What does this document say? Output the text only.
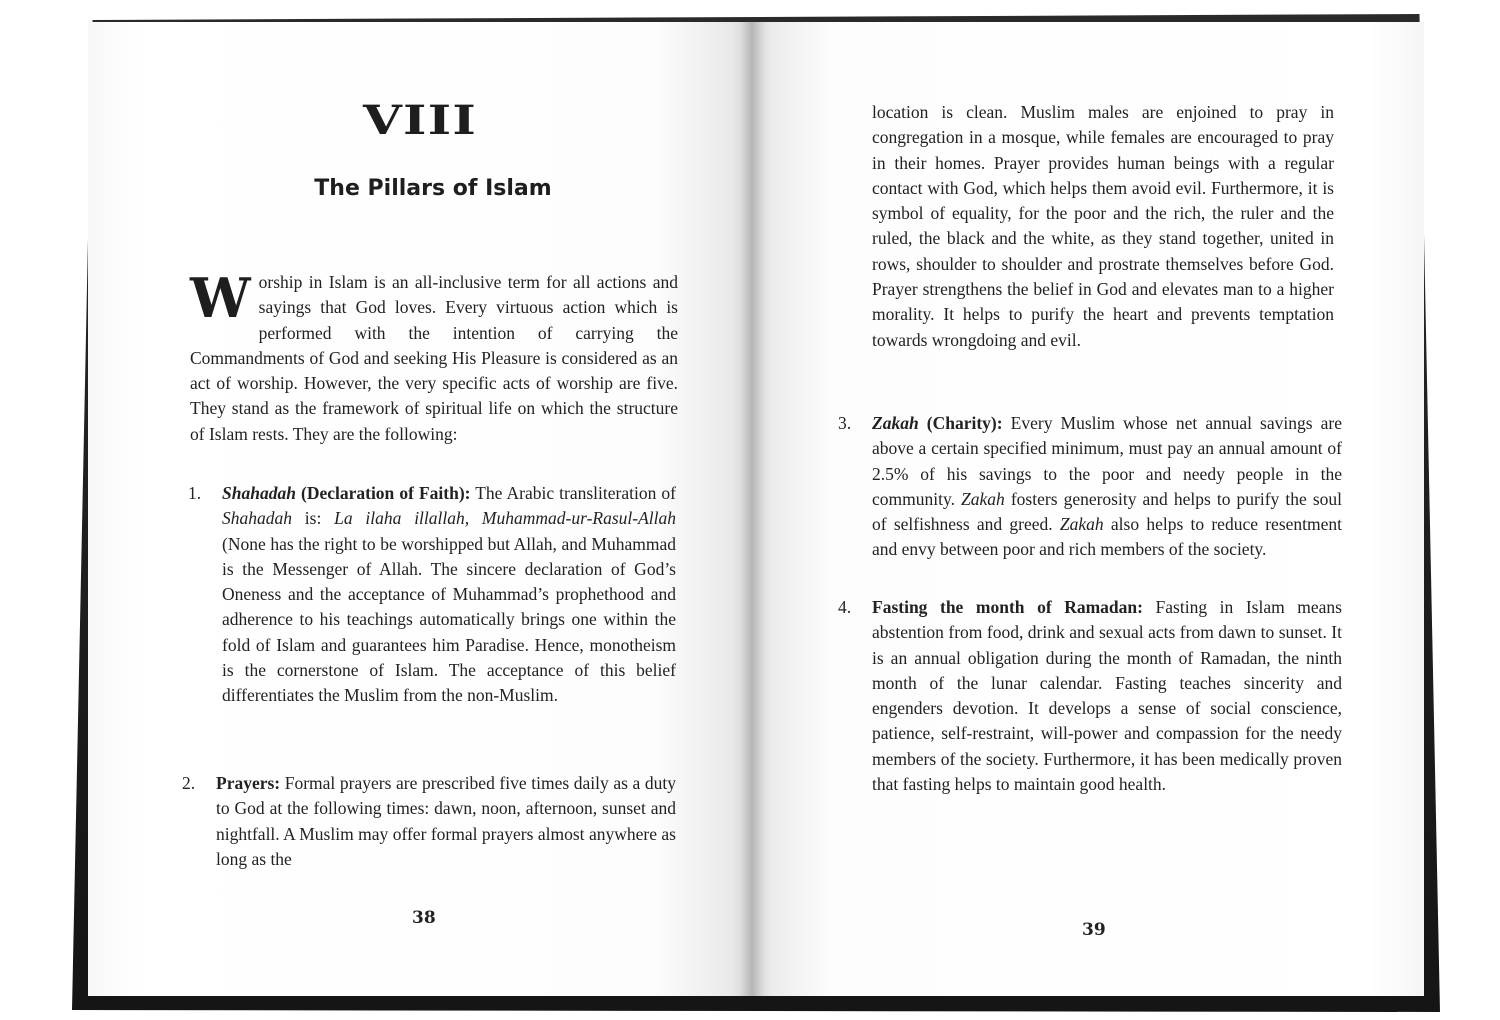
VIII
The Pillars of Islam
Worship in Islam is an all-inclusive term for all actions and sayings that God loves. Every virtuous action which is performed with the intention of carrying the Commandments of God and seeking His Pleasure is considered as an act of worship. However, the very specific acts of worship are five. They stand as the framework of spiritual life on which the structure of Islam rests. They are the following:
1.	Shahadah (Declaration of Faith): The Arabic transliteration of Shahadah is: La ilaha illallah, Muhammad-ur-Rasul-Allah (None has the right to be worshipped but Allah, and Muhammad is the Messenger of Allah. The sincere declaration of God’s Oneness and the acceptance of Muhammad’s prophethood and adherence to his teachings automatically brings one within the fold of Islam and guarantees him Paradise. Hence, monotheism is the cornerstone of Islam. The acceptance of this belief differentiates the Muslim from the non-Muslim.
2.	Prayers: Formal prayers are prescribed five times daily as a duty to God at the following times: dawn, noon, afternoon, sunset and nightfall. A Muslim may offer formal prayers almost anywhere as long as the
38
location is clean. Muslim males are enjoined to pray in congregation in a mosque, while females are encouraged to pray in their homes. Prayer provides human beings with a regular contact with God, which helps them avoid evil. Furthermore, it is symbol of equality, for the poor and the rich, the ruler and the ruled, the black and the white, as they stand together, united in rows, shoulder to shoulder and prostrate themselves before God. Prayer strengthens the belief in God and elevates man to a higher morality. It helps to purify the heart and prevents temptation towards wrongdoing and evil.
3.	Zakah (Charity): Every Muslim whose net annual savings are above a certain specified minimum, must pay an annual amount of 2.5% of his savings to the poor and needy people in the community. Zakah fosters generosity and helps to purify the soul of selfishness and greed. Zakah also helps to reduce resentment and envy between poor and rich members of the society.
4.	Fasting the month of Ramadan: Fasting in Islam means abstention from food, drink and sexual acts from dawn to sunset. It is an annual obligation during the month of Ramadan, the ninth month of the lunar calendar. Fasting teaches sincerity and engenders devotion. It develops a sense of social conscience, patience, self-restraint, will-power and compassion for the needy members of the society. Furthermore, it has been medically proven that fasting helps to maintain good health.
39
